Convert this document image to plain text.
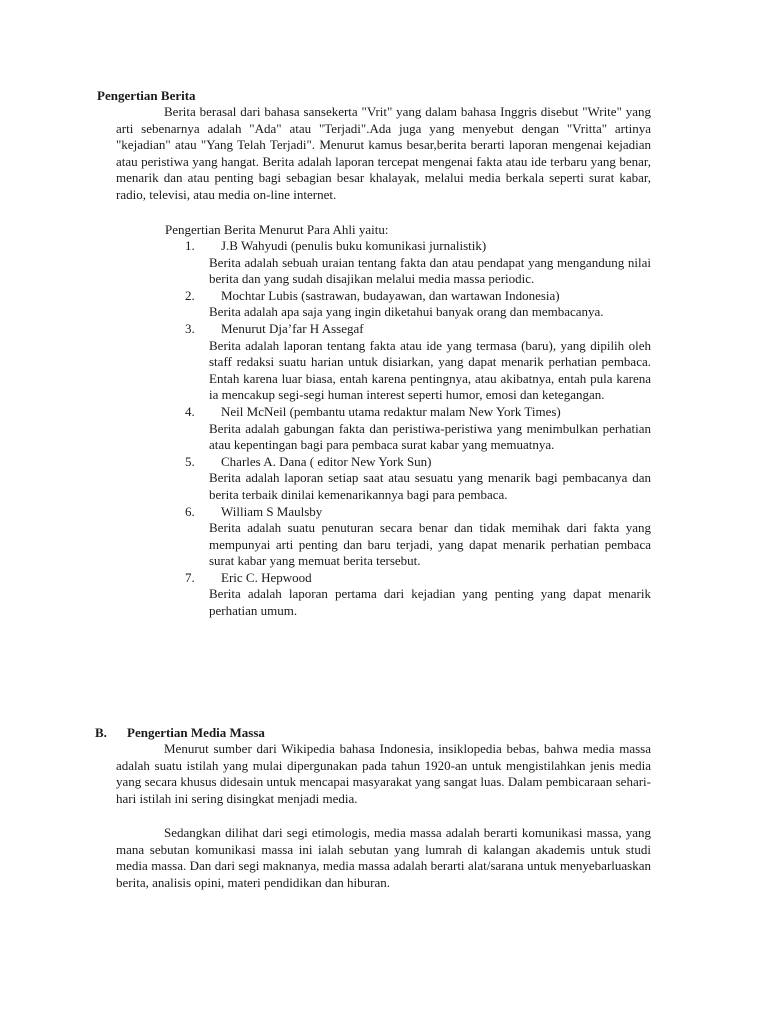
Pengertian Berita
Berita berasal dari bahasa sansekerta "Vrit" yang dalam bahasa Inggris disebut "Write" yang arti sebenarnya adalah "Ada" atau "Terjadi".Ada juga yang menyebut dengan "Vritta" artinya "kejadian" atau "Yang Telah Terjadi". Menurut kamus besar,berita berarti laporan mengenai kejadian atau peristiwa yang hangat. Berita adalah laporan tercepat mengenai fakta atau ide terbaru yang benar, menarik dan atau penting bagi sebagian besar khalayak, melalui media berkala seperti surat kabar, radio, televisi, atau media on-line internet.
Pengertian Berita Menurut Para Ahli yaitu:
1. J.B Wahyudi (penulis buku komunikasi jurnalistik)
Berita adalah sebuah uraian tentang fakta dan atau pendapat yang mengandung nilai berita dan yang sudah disajikan melalui media massa periodic.
2. Mochtar Lubis (sastrawan, budayawan, dan wartawan Indonesia)
Berita adalah apa saja yang ingin diketahui banyak orang dan membacanya.
3. Menurut Dja’far H Assegaf
Berita adalah laporan tentang fakta atau ide yang termasa (baru), yang dipilih oleh staff redaksi suatu harian untuk disiarkan, yang dapat menarik perhatian pembaca. Entah karena luar biasa, entah karena pentingnya, atau akibatnya, entah pula karena ia mencakup segi-segi human interest seperti humor, emosi dan ketegangan.
4. Neil McNeil (pembantu utama redaktur malam New York Times)
Berita adalah gabungan fakta dan peristiwa-peristiwa yang menimbulkan perhatian atau kepentingan bagi para pembaca surat kabar yang memuatnya.
5. Charles A. Dana ( editor New York Sun)
Berita adalah laporan setiap saat atau sesuatu yang menarik bagi pembacanya dan berita terbaik dinilai kemenarikannya bagi para pembaca.
6. William S Maulsby
Berita adalah suatu penuturan secara benar dan tidak memihak dari fakta yang mempunyai arti penting dan baru terjadi, yang dapat menarik perhatian pembaca surat kabar yang memuat berita tersebut.
7. Eric C. Hepwood
Berita adalah laporan pertama dari kejadian yang penting yang dapat menarik perhatian umum.
B. Pengertian Media Massa
Menurut sumber dari Wikipedia bahasa Indonesia, insiklopedia bebas, bahwa media massa adalah suatu istilah yang mulai dipergunakan pada tahun 1920-an untuk mengistilahkan jenis media yang secara khusus didesain untuk mencapai masyarakat yang sangat luas. Dalam pembicaraan sehari-hari istilah ini sering disingkat menjadi media.
Sedangkan dilihat dari segi etimologis, media massa adalah berarti komunikasi massa, yang mana sebutan komunikasi massa ini ialah sebutan yang lumrah di kalangan akademis untuk studi media massa. Dan dari segi maknanya, media massa adalah berarti alat/sarana untuk menyebarluaskan berita, analisis opini, materi pendidikan dan hiburan.
